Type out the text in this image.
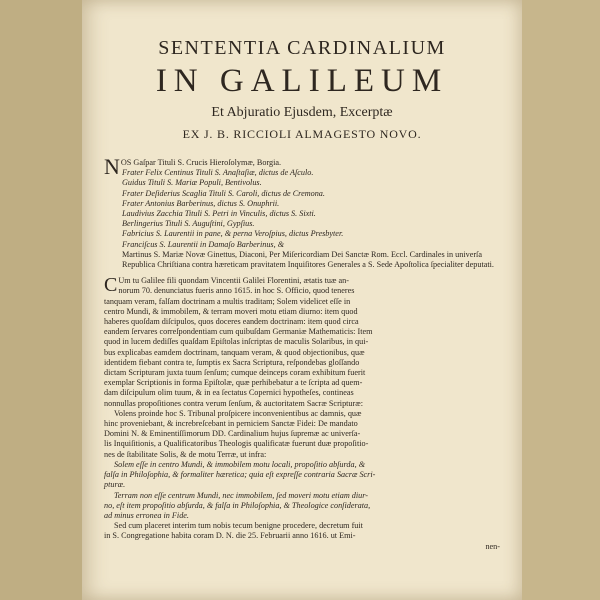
SENTENTIA CARDINALIUM
IN GALILEUM
Et Abjuratio Ejusdem, Excerptæ
EX J. B. RICCIOLI ALMAGESTO NOVO.
N OS Gaſpar Tituli S. Crucis Hieroſolymæ, Borgia.
Frater Felix Centinus Tituli S. Anaſtaſiæ, dictus de Aſculo.
Guidus Tituli S. Mariæ Populi, Bentivolus.
Frater Deſiderius Scaglia Tituli S. Caroli, dictus de Cremona.
Frater Antonius Barberinus, dictus S. Onuphrii.
Laudivius Zacchia Tituli S. Petri in Vinculis, dictus S. Sixti.
Berlingerius Tituli S. Auguſtini, Gypſius.
Fabricius S. Laurentii in pane, & perna Veroſpius, dictus Presbyter.
Franciſcus S. Laurentii in Damaſo Barberinus, &
Martinus S. Mariæ Novæ Ginettus, Diaconi, Per Miſericordiam Dei Sanctæ Rom. Eccl. Cardinales in univerſa Republica Chriſtiana contra hæreticam pravitatem Inquiſitores Generales a S. Sede Apoſtolica ſpecialiter deputati.
C Um tu Galilee fili quondam Vincentii Galilei Florentini, ætatis tuæ an-
norum 70. denunciatus fueris anno 1615. in hoc S. Officio, quod teneres
tanquam veram, falſam doctrinam a multis traditam; Solem videlicet eſſe in
centro Mundi, & immobilem, & terram moveri motu etiam diurno: item quod
haberes quoſdam diſcipulos, quos doceres eandem doctrinam: item quod circa
eandem ſervares correſpondentiam cum quibuſdam Germaniæ Mathematicis: Item
quod in lucem dediſſes quaſdam Epiſtolas inſcriptas de maculis Solaribus, in qui-
bus explicabas eamdem doctrinam, tanquam veram, & quod objectionibus, quæ
identidem fiebant contra te, ſumptis ex Sacra Scriptura, reſpondebas gloſſando
dictam Scripturam juxta tuum ſenſum; cumque deinceps coram exhibitum fuerit
exemplar Scriptionis in forma Epiſtolæ, quæ perhibebatur a te ſcripta ad quem-
dam diſcipulum olim tuum, & in ea ſectatus Copernici hypotheſes, contineas
nonnullas propoſitiones contra verum ſenſum, & auctoritatem Sacræ Scripturæ:
Volens proinde hoc S. Tribunal proſpicere inconvenientibus ac damnis, quæ
hinc proveniebant, & increbreſcebant in perniciem Sanctæ Fidei: De mandato
Domini N. & Eminentiſſimorum DD. Cardinalium hujus ſupremæ ac univerſa-
lis Inquiſitionis, a Qualificatoribus Theologis qualificatæ fuerunt duæ propoſitio-
nes de ſtabilitate Solis, & de motu Terræ, ut infra:
Solem eſſe in centro Mundi, & immobilem motu locali, propoſitio abſurda, &
falſa in Philoſophia, & formaliter hæretica; quia eſt expreſſe contraria Sacræ Scri-
pturæ.
Terram non eſſe centrum Mundi, nec immobilem, ſed moveri motu etiam diur-
no, eſt item propoſitio abſurda, & falſa in Philoſophia, & Theologice conſiderata,
ad minus erronea in Fide.
Sed cum placeret interim tum nobis tecum benigne procedere, decretum fuit
in S. Congregatione habita coram D. N. die 25. Februarii anno 1616. ut Emi-
nen-
